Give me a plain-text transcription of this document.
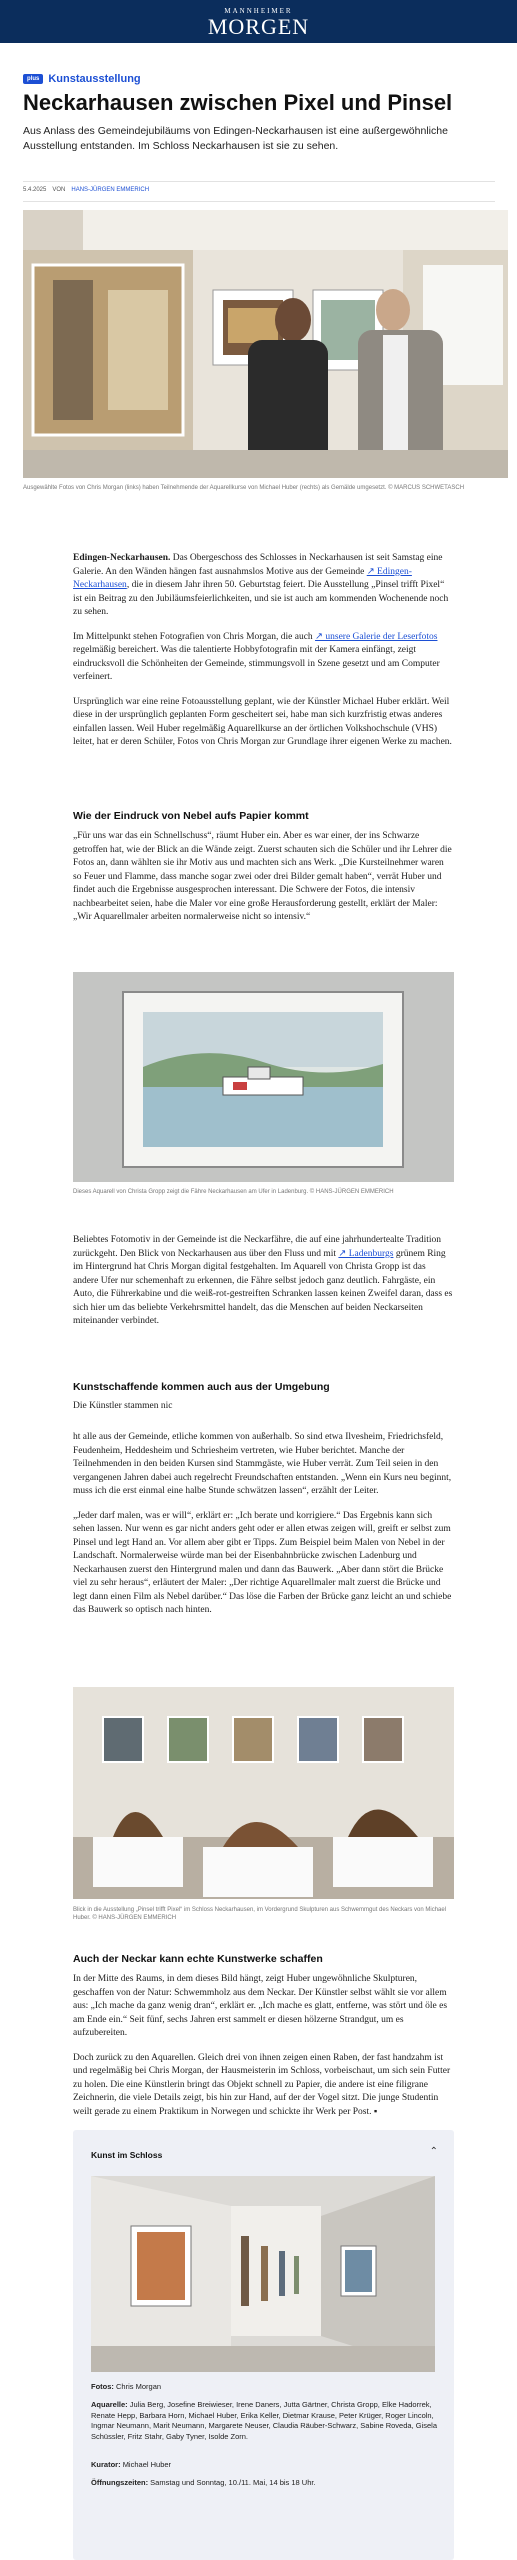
MANNHEIMER
MORGEN
plus Kunstausstellung
Neckarhausen zwischen Pixel und Pinsel
Aus Anlass des Gemeindejubiläums von Edingen-Neckarhausen ist eine außergewöhnliche Ausstellung entstanden. Im Schloss Neckarhausen ist sie zu sehen.
5.4.2025 VON HANS-JÜRGEN EMMERICH
Ausgewählte Fotos von Chris Morgan (links) haben Teilnehmende der Aquarellkurse von Michael Huber (rechts) als Gemälde umgesetzt. © MARCUS SCHWETASCH

Edingen-Neckarhausen. Das Obergeschoss des Schlosses in Neckarhausen ist seit Samstag eine Galerie. An den Wänden hängen fast ausnahmslos Motive aus der Gemeinde ↗ Edingen-Neckarhausen, die in diesem Jahr ihren 50. Geburtstag feiert. Die Ausstellung „Pinsel trifft Pixel“ ist ein Beitrag zu den Jubiläumsfeierlichkeiten, und sie ist auch am kommenden Wochenende noch zu sehen.

Im Mittelpunkt stehen Fotografien von Chris Morgan, die auch ↗ unsere Galerie der Leserfotos regelmäßig bereichert. Was die talentierte Hobbyfotografin mit der Kamera einfängt, zeigt eindrucksvoll die Schönheiten der Gemeinde, stimmungsvoll in Szene gesetzt und am Computer verfeinert.

Ursprünglich war eine reine Fotoausstellung geplant, wie der Künstler Michael Huber erklärt. Weil diese in der ursprünglich geplanten Form gescheitert sei, habe man sich kurzfristig etwas anderes einfallen lassen. Weil Huber regelmäßig Aquarellkurse an der örtlichen Volkshochschule (VHS) leitet, hat er deren Schüler, Fotos von Chris Morgan zur Grundlage ihrer eigenen Werke zu machen.

Wie der Eindruck von Nebel aufs Papier kommt

„Für uns war das ein Schnellschuss“, räumt Huber ein. Aber es war einer, der ins Schwarze getroffen hat, wie der Blick an die Wände zeigt. Zuerst schauten sich die Schüler und ihr Lehrer die Fotos an, dann wählten sie ihr Motiv aus und machten sich ans Werk. „Die Kursteilnehmer waren so Feuer und Flamme, dass manche sogar zwei oder drei Bilder gemalt haben“, verrät Huber und findet auch die Ergebnisse ausgesprochen interessant. Die Schwere der Fotos, die intensiv nachbearbeitet seien, habe die Maler vor eine große Herausforderung gestellt, erklärt der Maler: „Wir Aquarellmaler arbeiten normalerweise nicht so intensiv.“

Dieses Aquarell von Christa Gropp zeigt die Fähre Neckarhausen am Ufer in Ladenburg. © HANS-JÜRGEN EMMERICH

Beliebtes Fotomotiv in der Gemeinde ist die Neckarfähre, die auf eine jahrhundertealte Tradition zurückgeht. Den Blick von Neckarhausen aus über den Fluss und mit ↗ Ladenburgs grünem Ring im Hintergrund hat Chris Morgan digital festgehalten. Im Aquarell von Christa Gropp ist das andere Ufer nur schemenhaft zu erkennen, die Fähre selbst jedoch ganz deutlich. Fahrgäste, ein Auto, die Führerkabine und die weiß-rot-gestreiften Schranken lassen keinen Zweifel daran, dass es sich hier um das beliebte Verkehrsmittel handelt, das die Menschen auf beiden Neckarseiten miteinander verbindet.

Kunstschaffende kommen auch aus der Umgebung

Die Künstler stammen nic

ht alle aus der Gemeinde, etliche kommen von außerhalb. So sind etwa Ilvesheim, Friedrichsfeld, Feudenheim, Heddesheim und Schriesheim vertreten, wie Huber berichtet. Manche der Teilnehmenden in den beiden Kursen sind Stammgäste, wie Huber verrät. Zum Teil seien in den vergangenen Jahren dabei auch regelrecht Freundschaften entstanden. „Wenn ein Kurs neu beginnt, muss ich die erst einmal eine halbe Stunde schwätzen lassen“, erzählt der Leiter.

„Jeder darf malen, was er will“, erklärt er: „Ich berate und korrigiere.“ Das Ergebnis kann sich sehen lassen. Nur wenn es gar nicht anders geht oder er allen etwas zeigen will, greift er selbst zum Pinsel und legt Hand an. Vor allem aber gibt er Tipps. Zum Beispiel beim Malen von Nebel in der Landschaft. Normalerweise würde man bei der Eisenbahnbrücke zwischen Ladenburg und Neckarhausen zuerst den Hintergrund malen und dann das Bauwerk. „Aber dann stört die Brücke viel zu sehr heraus“, erläutert der Maler: „Der richtige Aquarellmaler malt zuerst die Brücke und legt dann einen Film als Nebel darüber.“ Das löse die Farben der Brücke ganz leicht an und schiebe das Bauwerk so optisch nach hinten.

Blick in die Ausstellung „Pinsel trifft Pixel“ im Schloss Neckarhausen, im Vordergrund Skulpturen aus Schwemmgut des Neckars von Michael Huber. © HANS-JÜRGEN EMMERICH
Auch der Neckar kann echte Kunstwerke schaffen

In der Mitte des Raums, in dem dieses Bild hängt, zeigt Huber ungewöhnliche Skulpturen, geschaffen von der Natur: Schwemmholz aus dem Neckar. Der Künstler selbst wählt sie vor allem aus: „Ich mache da ganz wenig dran“, erklärt er. „Ich mache es glatt, entferne, was stört und öle es am Ende ein.“ Seit fünf, sechs Jahren erst sammelt er diesen hölzerne Strandgut, um es aufzubereiten.

Doch zurück zu den Aquarellen. Gleich drei von ihnen zeigen einen Raben, der fast handzahm ist und regelmäßig bei Chris Morgan, der Hausmeisterin im Schloss, vorbeischaut, um sich sein Futter zu holen. Die eine Künstlerin bringt das Objekt schnell zu Papier, die andere ist eine filigrane Zeichnerin, die viele Details zeigt, bis hin zur Hand, auf der der Vogel sitzt. Die junge Studentin weilt gerade zu einem Praktikum in Norwegen und schickte ihr Werk per Post. ▪

Kunst im Schloss	⌃
Fotos: Chris Morgan
Aquarelle: Julia Berg, Josefine Breiwieser, Irene Daners, Jutta Gärtner, Christa Gropp, Elke Hadorrek, Renate Hepp, Barbara Horn, Michael Huber, Erika Keller, Dietmar Krause, Peter Krüger, Roger Lincoln, Ingmar Neumann, Marit Neumann, Margarete Neuser, Claudia Räuber-Schwarz, Sabine Roveda, Gisela Schüssler, Fritz Stahr, Gaby Tyner, Isolde Zorn.
Kurator: Michael Huber
Öffnungszeiten: Samstag und Sonntag, 10./11. Mai, 14 bis 18 Uhr.
